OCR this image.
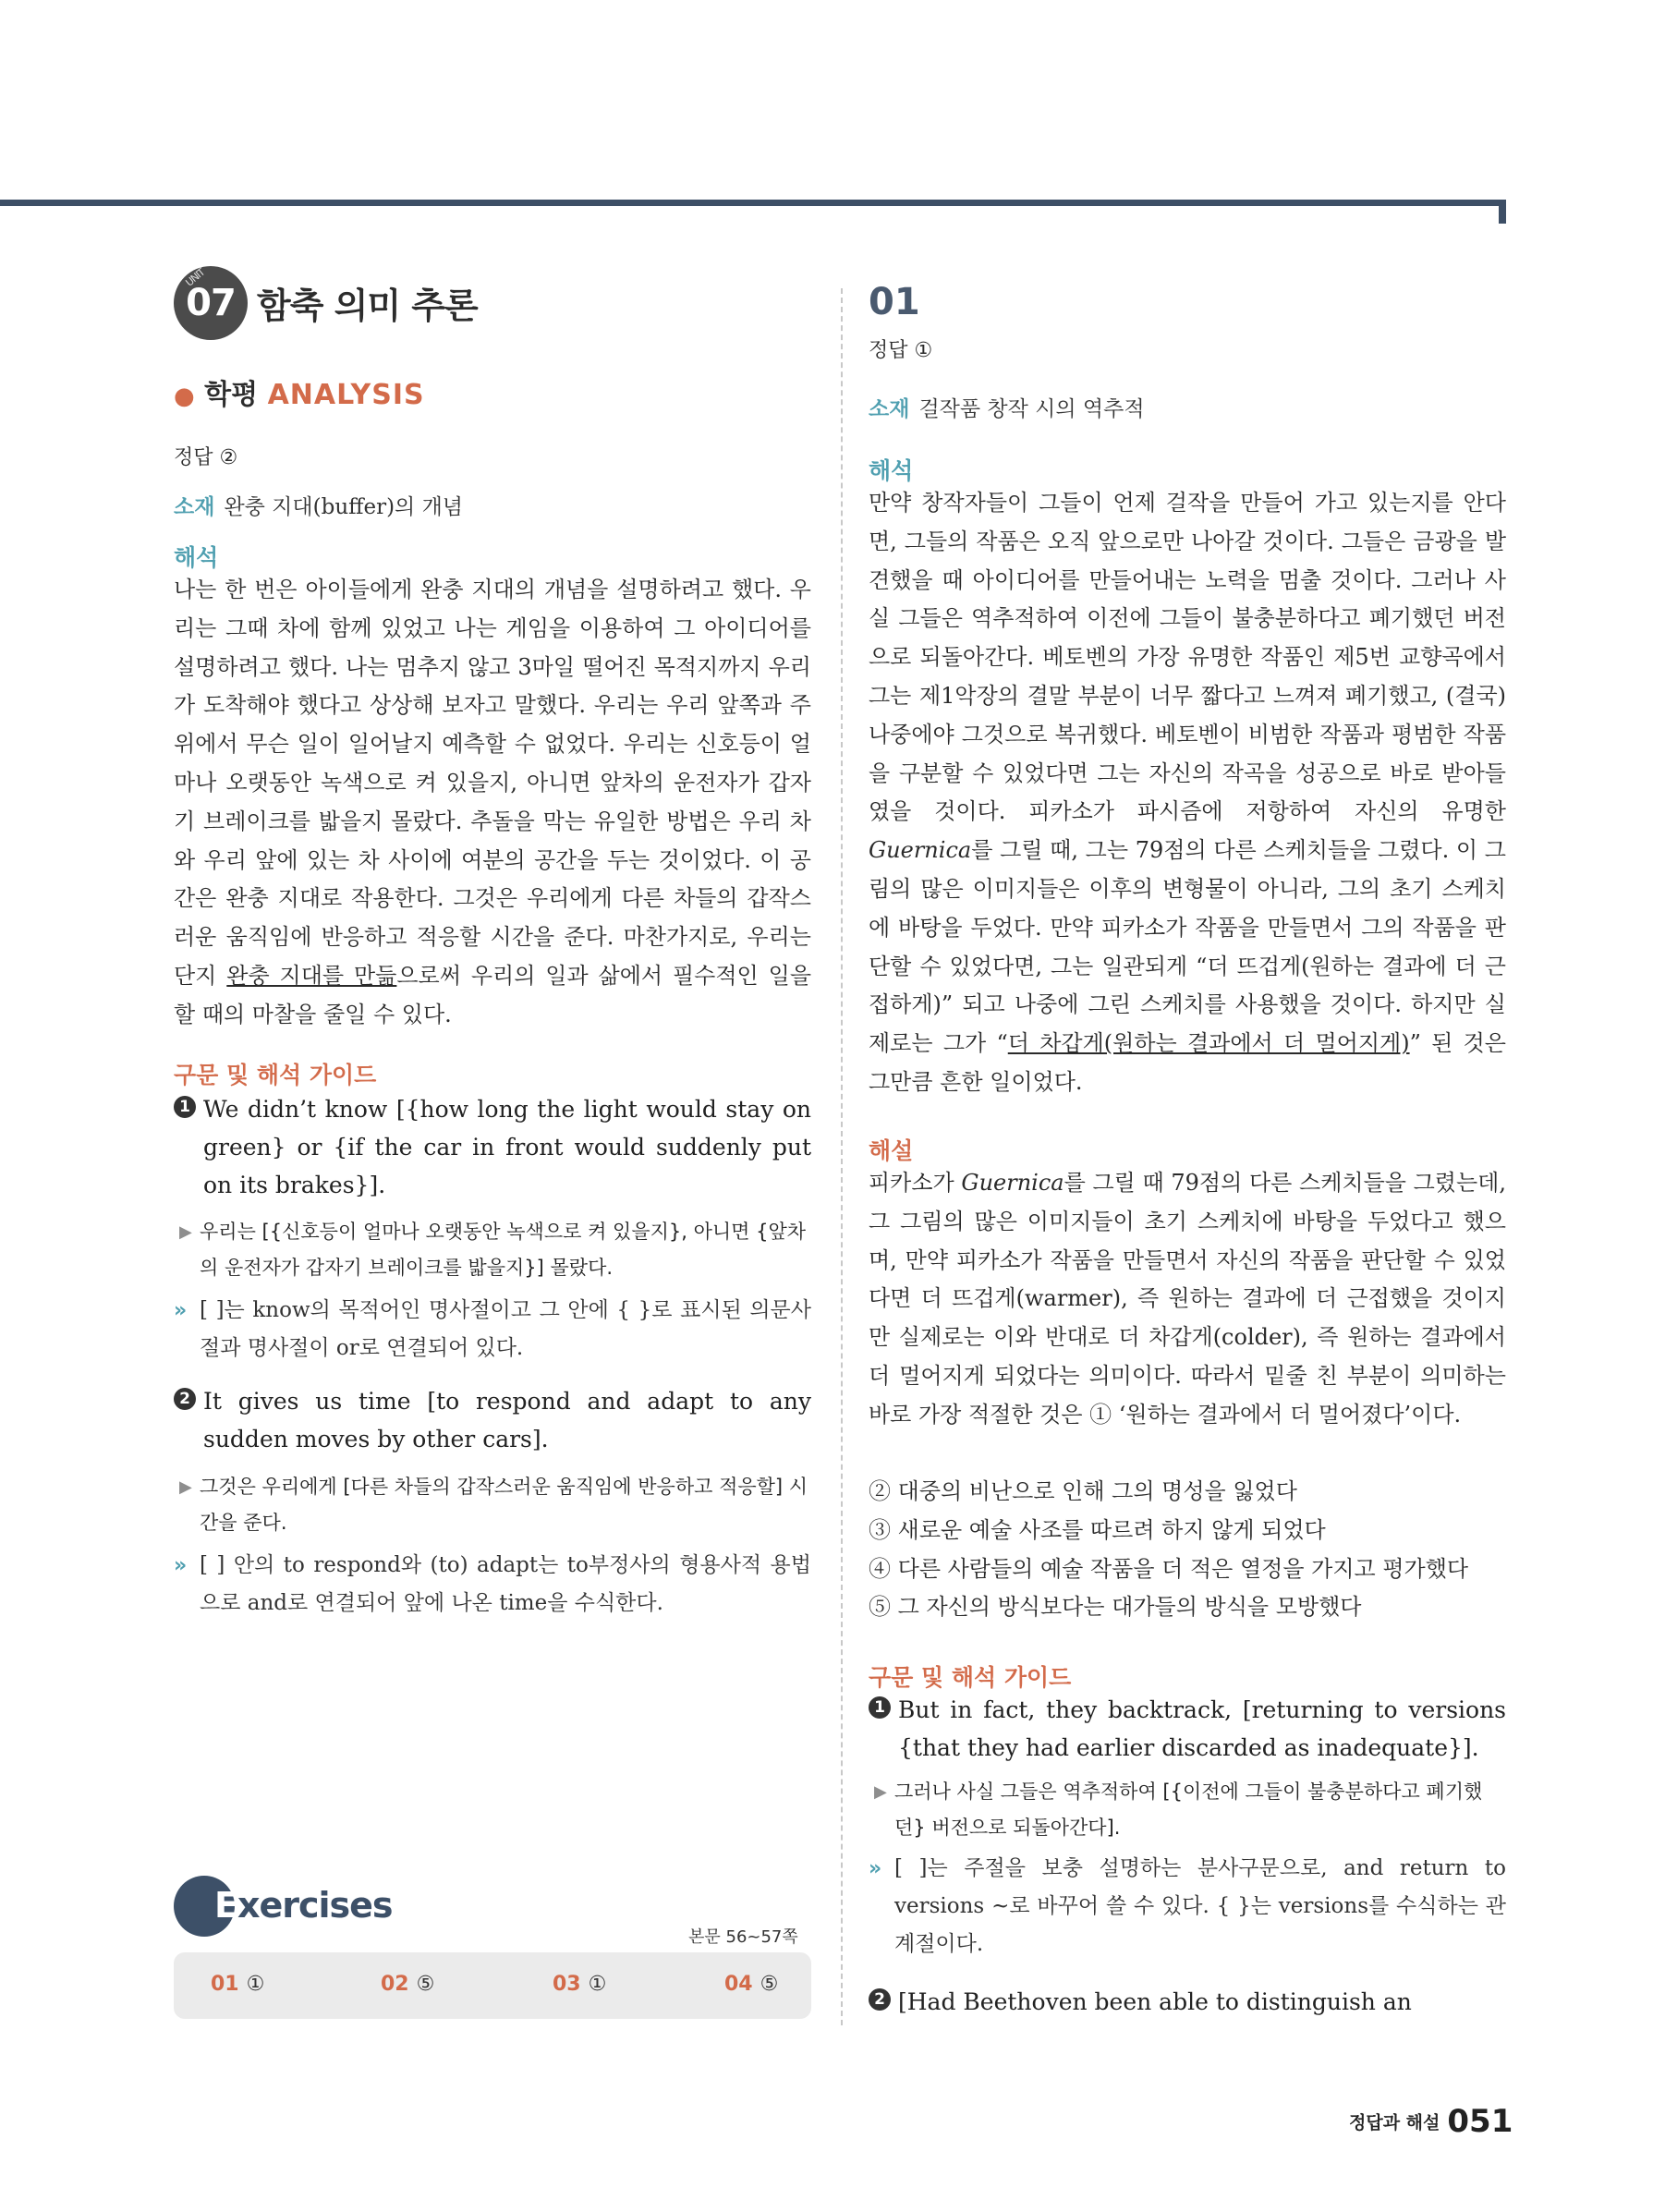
UNIT
07 함축 의미 추론
● 학평 ANALYSIS
정답 ②
소재 완충 지대(buffer)의 개념
해석
나는 한 번은 아이들에게 완충 지대의 개념을 설명하려고 했다. 우리는 그때 차에 함께 있었고 나는 게임을 이용하여 그 아이디어를 설명하려고 했다. 나는 멈추지 않고 3마일 떨어진 목적지까지 우리가 도착해야 했다고 상상해 보자고 말했다. 우리는 우리 앞쪽과 주위에서 무슨 일이 일어날지 예측할 수 없었다. 우리는 신호등이 얼마나 오랫동안 녹색으로 켜 있을지, 아니면 앞차의 운전자가 갑자기 브레이크를 밟을지 몰랐다. 추돌을 막는 유일한 방법은 우리 차와 우리 앞에 있는 차 사이에 여분의 공간을 두는 것이었다. 이 공간은 완충 지대로 작용한다. 그것은 우리에게 다른 차들의 갑작스러운 움직임에 반응하고 적응할 시간을 준다. 마찬가지로, 우리는 단지 완충 지대를 만듦으로써 우리의 일과 삶에서 필수적인 일을 할 때의 마찰을 줄일 수 있다.
구문 및 해석 가이드
1 We didn’t know [{how long the light would stay on green} or {if the car in front would suddenly put on its brakes}].
▶ 우리는 [{신호등이 얼마나 오랫동안 녹색으로 켜 있을지}, 아니면 {앞차의 운전자가 갑자기 브레이크를 밟을지}] 몰랐다.
» [ ]는 know의 목적어인 명사절이고 그 안에 { }로 표시된 의문사절과 명사절이 or로 연결되어 있다.
2 It gives us time [to respond and adapt to any sudden moves by other cars].
▶ 그것은 우리에게 [다른 차들의 갑작스러운 움직임에 반응하고 적응할] 시간을 준다.
» [ ] 안의 to respond와 (to) adapt는 to부정사의 형용사적 용법으로 and로 연결되어 앞에 나온 time을 수식한다.
Exercises
본문 56~57쪽
01 ①	02 ⑤	03 ①	04 ⑤
01
정답 ①
소재 걸작품 창작 시의 역추적
해석
만약 창작자들이 그들이 언제 걸작을 만들어 가고 있는지를 안다면, 그들의 작품은 오직 앞으로만 나아갈 것이다. 그들은 금광을 발견했을 때 아이디어를 만들어내는 노력을 멈출 것이다. 그러나 사실 그들은 역추적하여 이전에 그들이 불충분하다고 폐기했던 버전으로 되돌아간다. 베토벤의 가장 유명한 작품인 제5번 교향곡에서 그는 제1악장의 결말 부분이 너무 짧다고 느껴져 폐기했고, (결국) 나중에야 그것으로 복귀했다. 베토벤이 비범한 작품과 평범한 작품을 구분할 수 있었다면 그는 자신의 작곡을 성공으로 바로 받아들였을 것이다. 피카소가 파시즘에 저항하여 자신의 유명한 Guernica를 그릴 때, 그는 79점의 다른 스케치들을 그렸다. 이 그림의 많은 이미지들은 이후의 변형물이 아니라, 그의 초기 스케치에 바탕을 두었다. 만약 피카소가 작품을 만들면서 그의 작품을 판단할 수 있었다면, 그는 일관되게 “더 뜨겁게(원하는 결과에 더 근접하게)” 되고 나중에 그린 스케치를 사용했을 것이다. 하지만 실제로는 그가 “더 차갑게(원하는 결과에서 더 멀어지게)” 된 것은 그만큼 흔한 일이었다.
해설
피카소가 Guernica를 그릴 때 79점의 다른 스케치들을 그렸는데, 그 그림의 많은 이미지들이 초기 스케치에 바탕을 두었다고 했으며, 만약 피카소가 작품을 만들면서 자신의 작품을 판단할 수 있었다면 더 뜨겁게(warmer), 즉 원하는 결과에 더 근접했을 것이지만 실제로는 이와 반대로 더 차갑게(colder), 즉 원하는 결과에서 더 멀어지게 되었다는 의미이다. 따라서 밑줄 친 부분이 의미하는 바로 가장 적절한 것은 ① ‘원하는 결과에서 더 멀어졌다’이다.
② 대중의 비난으로 인해 그의 명성을 잃었다
③ 새로운 예술 사조를 따르려 하지 않게 되었다
④ 다른 사람들의 예술 작품을 더 적은 열정을 가지고 평가했다
⑤ 그 자신의 방식보다는 대가들의 방식을 모방했다
구문 및 해석 가이드
1 But in fact, they backtrack, [returning to versions {that they had earlier discarded as inadequate}].
▶ 그러나 사실 그들은 역추적하여 [{이전에 그들이 불충분하다고 폐기했던} 버전으로 되돌아간다].
» [ ]는 주절을 보충 설명하는 분사구문으로, and return to versions ~로 바꾸어 쓸 수 있다. { }는 versions를 수식하는 관계절이다.
2 [Had Beethoven been able to distinguish an
정답과 해설 051
